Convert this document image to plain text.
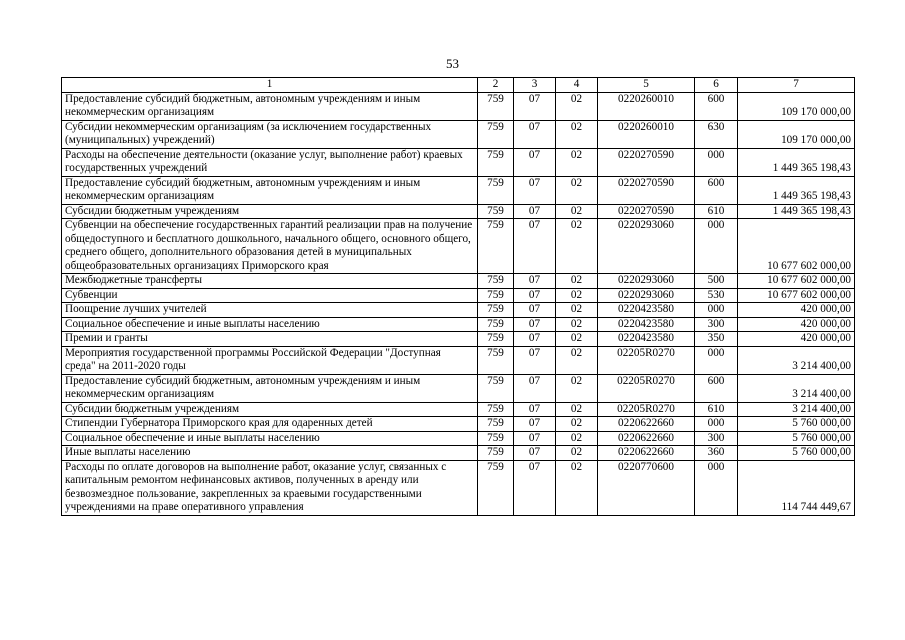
53
1	2	3	4	5	6	7
Предоставление субсидий бюджетным, автономным учреждениям и иным некоммерческим организациям	759	07	02	0220260010	600	109 170 000,00
Субсидии некоммерческим организациям (за исключением государственных (муниципальных) учреждений)	759	07	02	0220260010	630	109 170 000,00
Расходы на обеспечение деятельности (оказание услуг, выполнение работ) краевых государственных учреждений	759	07	02	0220270590	000	1 449 365 198,43
Предоставление субсидий бюджетным, автономным учреждениям и иным некоммерческим организациям	759	07	02	0220270590	600	1 449 365 198,43
Субсидии бюджетным учреждениям	759	07	02	0220270590	610	1 449 365 198,43
Субвенции на обеспечение государственных гарантий реализации прав на получение общедоступного и бесплатного дошкольного, начального общего, основного общего, среднего общего, дополнительного образования детей в муниципальных общеобразовательных организациях Приморского края	759	07	02	0220293060	000	10 677 602 000,00
Межбюджетные трансферты	759	07	02	0220293060	500	10 677 602 000,00
Субвенции	759	07	02	0220293060	530	10 677 602 000,00
Поощрение лучших учителей	759	07	02	0220423580	000	420 000,00
Социальное обеспечение и иные выплаты населению	759	07	02	0220423580	300	420 000,00
Премии и гранты	759	07	02	0220423580	350	420 000,00
Мероприятия государственной программы Российской Федерации "Доступная среда" на 2011-2020 годы	759	07	02	02205R0270	000	3 214 400,00
Предоставление субсидий бюджетным, автономным учреждениям и иным некоммерческим организациям	759	07	02	02205R0270	600	3 214 400,00
Субсидии бюджетным учреждениям	759	07	02	02205R0270	610	3 214 400,00
Стипендии Губернатора Приморского края для одаренных детей	759	07	02	0220622660	000	5 760 000,00
Социальное обеспечение и иные выплаты населению	759	07	02	0220622660	300	5 760 000,00
Иные выплаты населению	759	07	02	0220622660	360	5 760 000,00
Расходы по оплате договоров на выполнение работ, оказание услуг, связанных с капитальным ремонтом нефинансовых активов, полученных в аренду или безвозмездное пользование, закрепленных за краевыми государственными учреждениями на праве оперативного управления	759	07	02	0220770600	000	114 744 449,67
